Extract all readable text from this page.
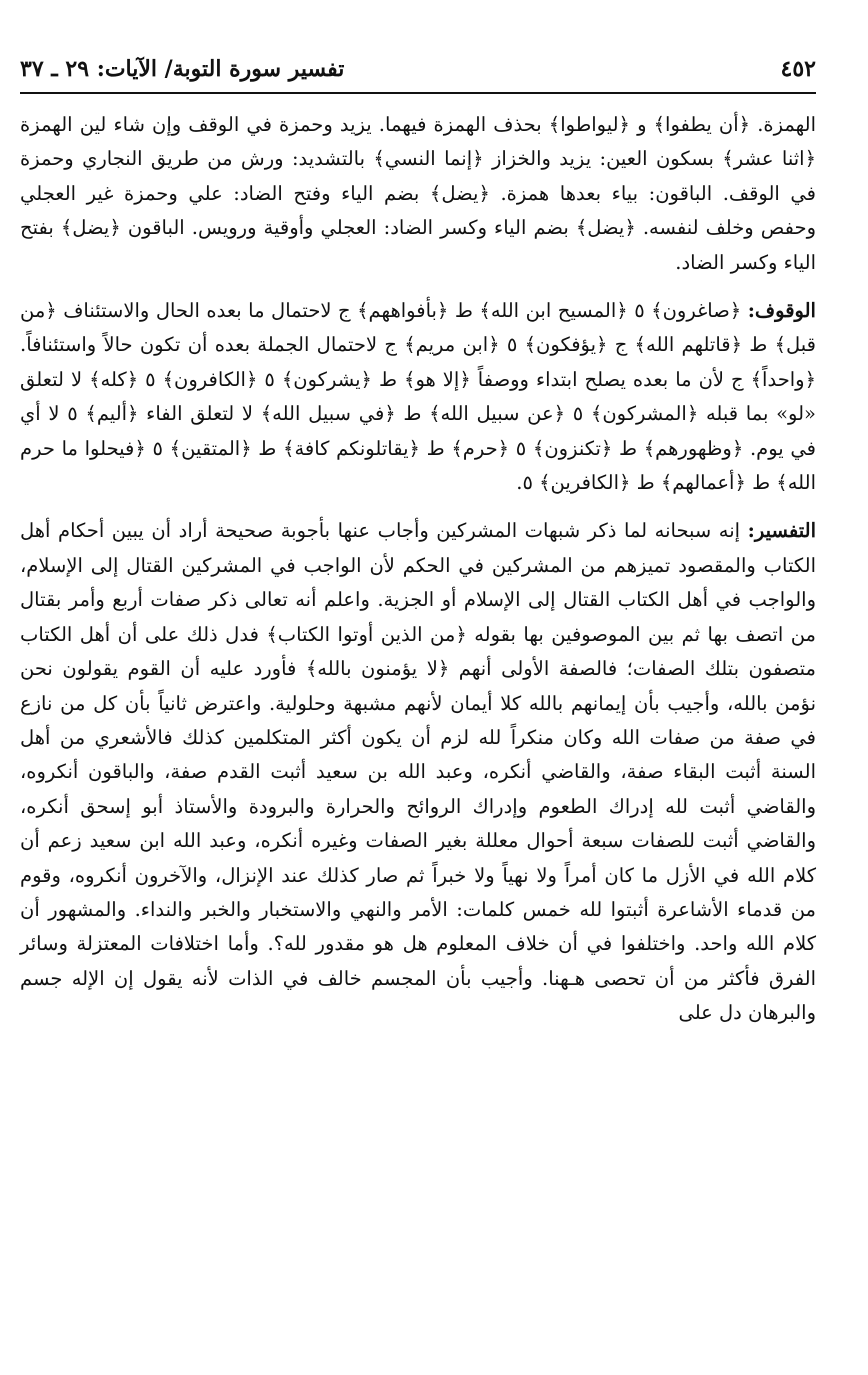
٤٥٢
تفسير سورة التوبة/ الآيات: ٢٩ ـ ٣٧

الهمزة. ﴿أن يطفوا﴾ و ﴿ليواطوا﴾ بحذف الهمزة فيهما. يزيد وحمزة في الوقف وإن شاء لين الهمزة ﴿اثنا عشر﴾ بسكون العين: يزيد والخزاز ﴿إنما النسي﴾ بالتشديد: ورش من طريق النجاري وحمزة في الوقف. الباقون: بياء بعدها همزة. ﴿يضل﴾ بضم الياء وفتح الضاد: علي وحمزة غير العجلي وحفص وخلف لنفسه. ﴿يضل﴾ بضم الياء وكسر الضاد: العجلي وأوقية ورويس. الباقون ﴿يضل﴾ بفتح الياء وكسر الضاد.

الوقوف: ﴿صاغرون﴾ ٥ ﴿المسيح ابن الله﴾ ط ﴿بأفواههم﴾ ج لاحتمال ما بعده الحال والاستئناف ﴿من قبل﴾ ط ﴿قاتلهم الله﴾ ج ﴿يؤفكون﴾ ٥ ﴿ابن مريم﴾ ج لاحتمال الجملة بعده أن تكون حالاً واستئنافاً. ﴿واحداً﴾ ج لأن ما بعده يصلح ابتداء ووصفاً ﴿إلا هو﴾ ط ﴿يشركون﴾ ٥ ﴿الكافرون﴾ ٥ ﴿كله﴾ لا لتعلق «لو» بما قبله ﴿المشركون﴾ ٥ ﴿عن سبيل الله﴾ ط ﴿في سبيل الله﴾ لا لتعلق الفاء ﴿أليم﴾ ٥ لا أي في يوم. ﴿وظهورهم﴾ ط ﴿تكنزون﴾ ٥ ﴿حرم﴾ ط ﴿يقاتلونكم كافة﴾ ط ﴿المتقين﴾ ٥ ﴿فيحلوا ما حرم الله﴾ ط ﴿أعمالهم﴾ ط ﴿الكافرين﴾ ٥.

التفسير: إنه سبحانه لما ذكر شبهات المشركين وأجاب عنها بأجوبة صحيحة أراد أن يبين أحكام أهل الكتاب والمقصود تميزهم من المشركين في الحكم لأن الواجب في المشركين القتال إلى الإسلام، والواجب في أهل الكتاب القتال إلى الإسلام أو الجزية. واعلم أنه تعالى ذكر صفات أربع وأمر بقتال من اتصف بها ثم بين الموصوفين بها بقوله ﴿من الذين أوتوا الكتاب﴾ فدل ذلك على أن أهل الكتاب متصفون بتلك الصفات؛ فالصفة الأولى أنهم ﴿لا يؤمنون بالله﴾ فأورد عليه أن القوم يقولون نحن نؤمن بالله، وأجيب بأن إيمانهم بالله كلا أيمان لأنهم مشبهة وحلولية. واعترض ثانياً بأن كل من نازع في صفة من صفات الله وكان منكراً لله لزم أن يكون أكثر المتكلمين كذلك فالأشعري من أهل السنة أثبت البقاء صفة، والقاضي أنكره، وعبد الله بن سعيد أثبت القدم صفة، والباقون أنكروه، والقاضي أثبت لله إدراك الطعوم وإدراك الروائح والحرارة والبرودة والأستاذ أبو إسحق أنكره، والقاضي أثبت للصفات سبعة أحوال معللة بغير الصفات وغيره أنكره، وعبد الله ابن سعيد زعم أن كلام الله في الأزل ما كان أمراً ولا نهياً ولا خبراً ثم صار كذلك عند الإنزال، والآخرون أنكروه، وقوم من قدماء الأشاعرة أثبتوا لله خمس كلمات: الأمر والنهي والاستخبار والخبر والنداء. والمشهور أن كلام الله واحد. واختلفوا في أن خلاف المعلوم هل هو مقدور لله؟. وأما اختلافات المعتزلة وسائر الفرق فأكثر من أن تحصى هـهنا. وأجيب بأن المجسم خالف في الذات لأنه يقول إن الإله جسم والبرهان دل على
